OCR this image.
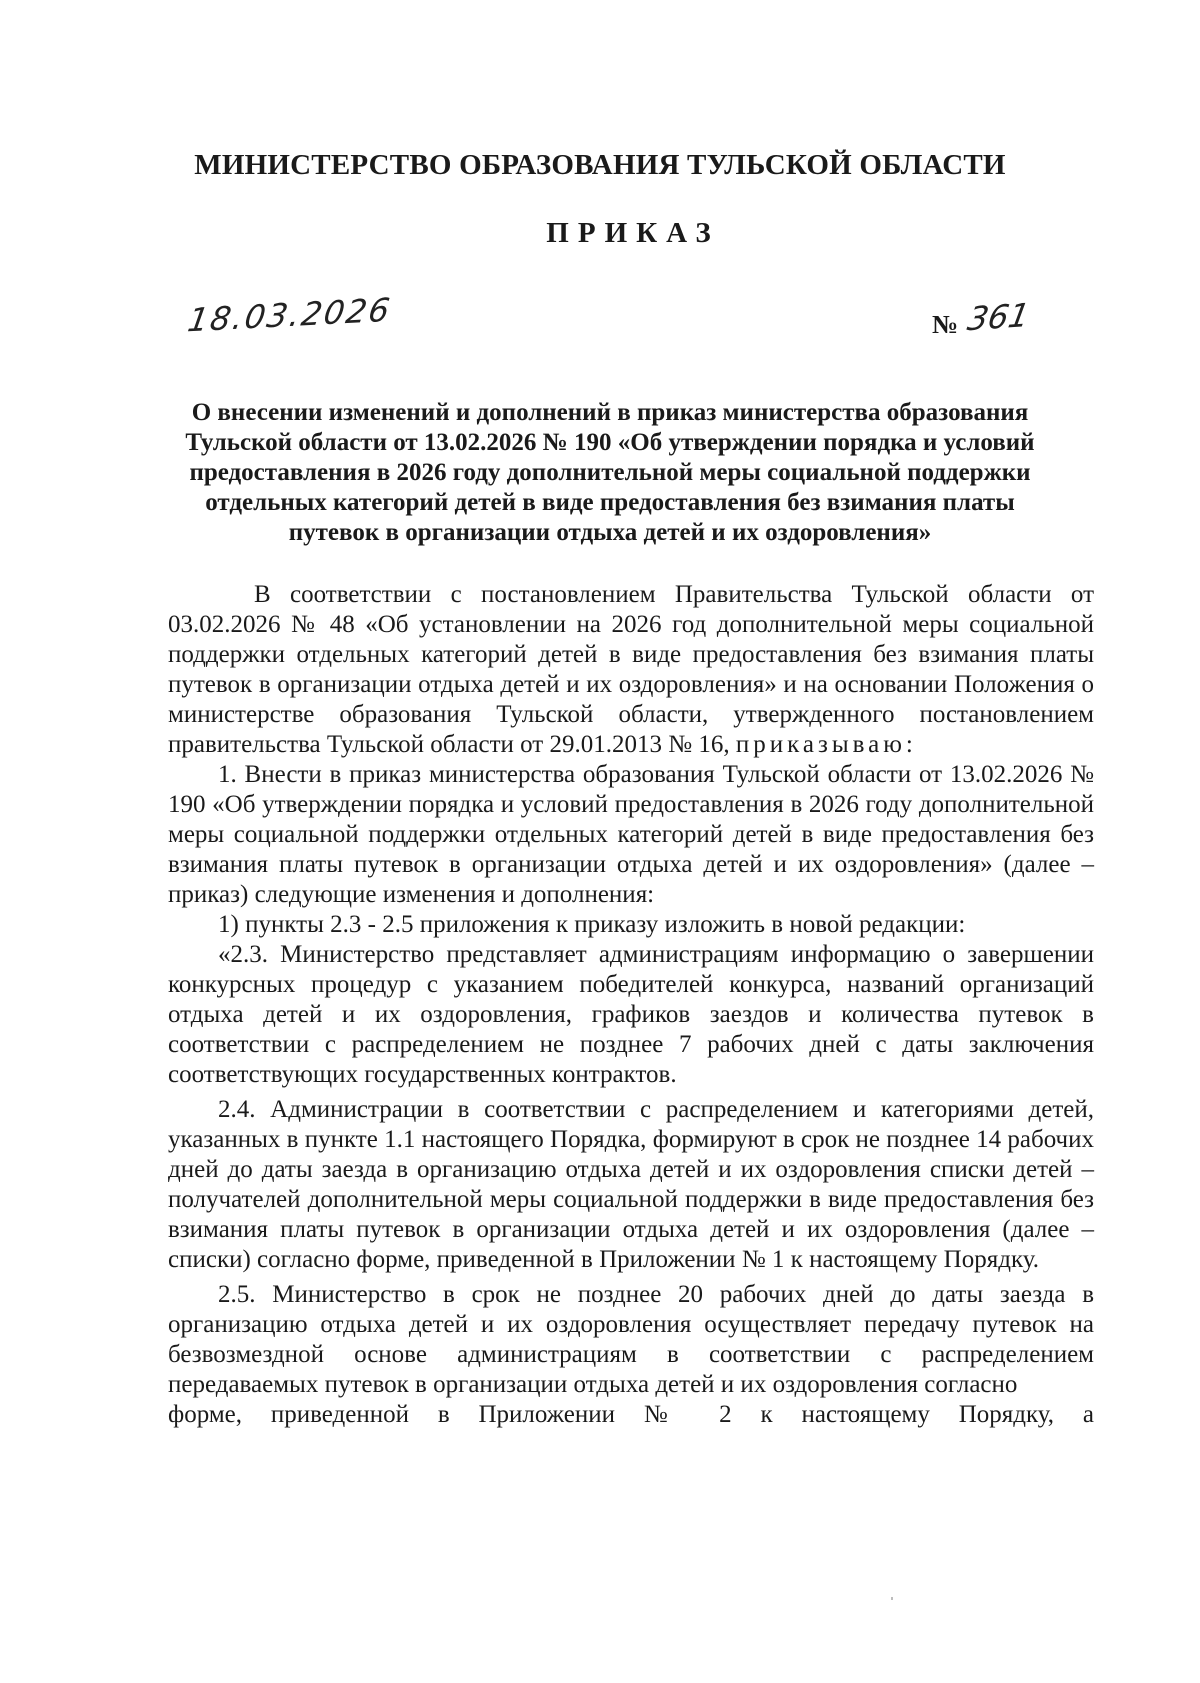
МИНИСТЕРСТВО ОБРАЗОВАНИЯ ТУЛЬСКОЙ ОБЛАСТИ
ПРИКАЗ
18.03.2026	№ 361
О внесении изменений и дополнений в приказ министерства образования
Тульской области от 13.02.2026 № 190 «Об утверждении порядка и условий
предоставления в 2026 году дополнительной меры социальной поддержки
отдельных категорий детей в виде предоставления без взимания платы
путевок в организации отдыха детей и их оздоровления»

В соответствии с постановлением Правительства Тульской области от 03.02.2026 № 48 «Об установлении на 2026 год дополнительной меры социальной поддержки отдельных категорий детей в виде предоставления без взимания платы путевок в организации отдыха детей и их оздоровления» и на основании Положения о министерстве образования Тульской области, утвержденного постановлением правительства Тульской области от 29.01.2013 № 16, приказываю:

1. Внести в приказ министерства образования Тульской области от 13.02.2026 № 190 «Об утверждении порядка и условий предоставления в 2026 году дополнительной меры социальной поддержки отдельных категорий детей в виде предоставления без взимания платы путевок в организации отдыха детей и их оздоровления» (далее – приказ) следующие изменения и дополнения:

1) пункты 2.3 - 2.5 приложения к приказу изложить в новой редакции:

«2.3. Министерство представляет администрациям информацию о завершении конкурсных процедур с указанием победителей конкурса, названий организаций отдыха детей и их оздоровления, графиков заездов и количества путевок в соответствии с распределением не позднее 7 рабочих дней с даты заключения соответствующих государственных контрактов.

2.4. Администрации в соответствии с распределением и категориями детей, указанных в пункте 1.1 настоящего Порядка, формируют в срок не позднее 14 рабочих дней до даты заезда в организацию отдыха детей и их оздоровления списки детей – получателей дополнительной меры социальной поддержки в виде предоставления без взимания платы путевок в организации отдыха детей и их оздоровления (далее – списки) согласно форме, приведенной в Приложении № 1 к настоящему Порядку.

2.5. Министерство в срок не позднее 20 рабочих дней до даты заезда в организацию отдыха детей и их оздоровления осуществляет передачу путевок на безвозмездной основе администрациям в соответствии с распределением передаваемых путевок в организации отдыха детей и их оздоровления согласно

форме, приведенной в Приложении № 2 к настоящему Порядку, а
